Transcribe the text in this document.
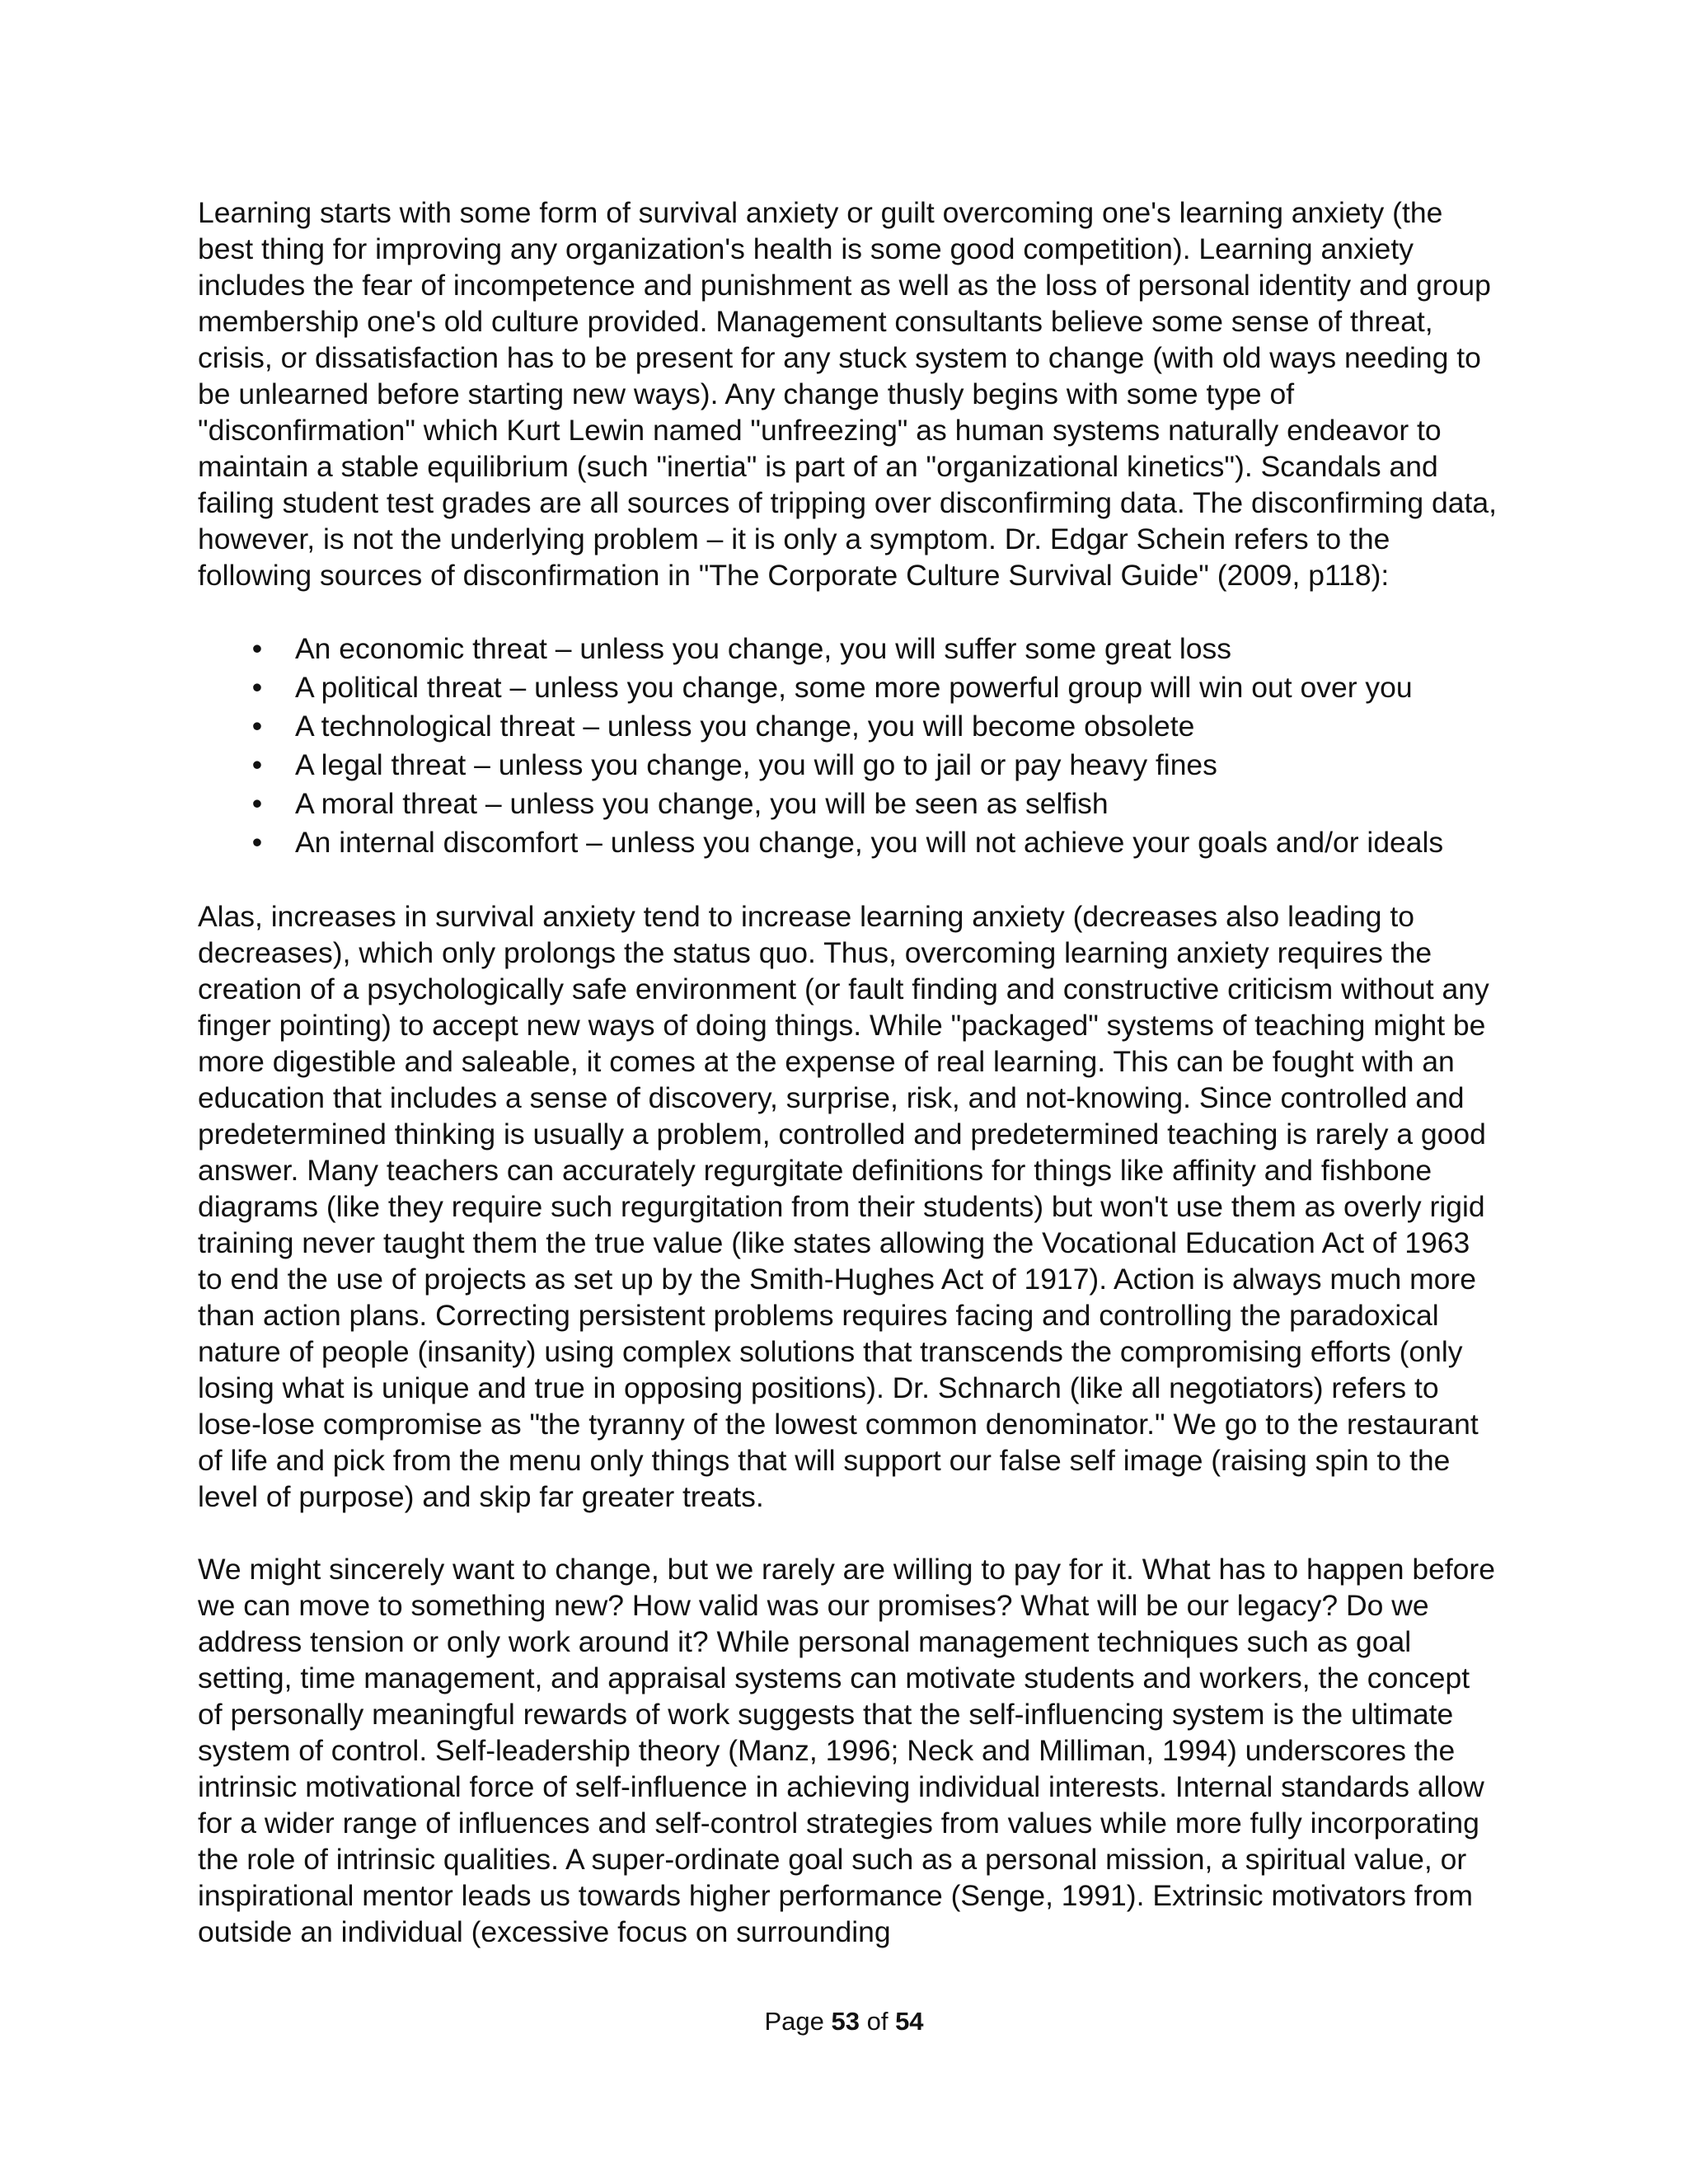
Learning starts with some form of survival anxiety or guilt overcoming one's learning anxiety (the best thing for improving any organization's health is some good competition). Learning anxiety includes the fear of incompetence and punishment as well as the loss of personal identity and group membership one's old culture provided. Management consultants believe some sense of threat, crisis, or dissatisfaction has to be present for any stuck system to change (with old ways needing to be unlearned before starting new ways). Any change thusly begins with some type of "disconfirmation" which Kurt Lewin named "unfreezing" as human systems naturally endeavor to maintain a stable equilibrium (such "inertia" is part of an "organizational kinetics"). Scandals and failing student test grades are all sources of tripping over disconfirming data. The disconfirming data, however, is not the underlying problem – it is only a symptom. Dr. Edgar Schein refers to the following sources of disconfirmation in "The Corporate Culture Survival Guide" (2009, p118):

• An economic threat – unless you change, you will suffer some great loss
• A political threat – unless you change, some more powerful group will win out over you
• A technological threat – unless you change, you will become obsolete
• A legal threat – unless you change, you will go to jail or pay heavy fines
• A moral threat – unless you change, you will be seen as selfish
• An internal discomfort – unless you change, you will not achieve your goals and/or ideals

Alas, increases in survival anxiety tend to increase learning anxiety (decreases also leading to decreases), which only prolongs the status quo. Thus, overcoming learning anxiety requires the creation of a psychologically safe environment (or fault finding and constructive criticism without any finger pointing) to accept new ways of doing things. While "packaged" systems of teaching might be more digestible and saleable, it comes at the expense of real learning. This can be fought with an education that includes a sense of discovery, surprise, risk, and not-knowing. Since controlled and predetermined thinking is usually a problem, controlled and predetermined teaching is rarely a good answer. Many teachers can accurately regurgitate definitions for things like affinity and fishbone diagrams (like they require such regurgitation from their students) but won't use them as overly rigid training never taught them the true value (like states allowing the Vocational Education Act of 1963 to end the use of projects as set up by the Smith-Hughes Act of 1917). Action is always much more than action plans. Correcting persistent problems requires facing and controlling the paradoxical nature of people (insanity) using complex solutions that transcends the compromising efforts (only losing what is unique and true in opposing positions). Dr. Schnarch (like all negotiators) refers to lose-lose compromise as "the tyranny of the lowest common denominator." We go to the restaurant of life and pick from the menu only things that will support our false self image (raising spin to the level of purpose) and skip far greater treats.

We might sincerely want to change, but we rarely are willing to pay for it. What has to happen before we can move to something new? How valid was our promises? What will be our legacy? Do we address tension or only work around it? While personal management techniques such as goal setting, time management, and appraisal systems can motivate students and workers, the concept of personally meaningful rewards of work suggests that the self-influencing system is the ultimate system of control. Self-leadership theory (Manz, 1996; Neck and Milliman, 1994) underscores the intrinsic motivational force of self-influence in achieving individual interests. Internal standards allow for a wider range of influences and self-control strategies from values while more fully incorporating the role of intrinsic qualities. A super-ordinate goal such as a personal mission, a spiritual value, or inspirational mentor leads us towards higher performance (Senge, 1991). Extrinsic motivators from outside an individual (excessive focus on surrounding

Page 53 of 54
